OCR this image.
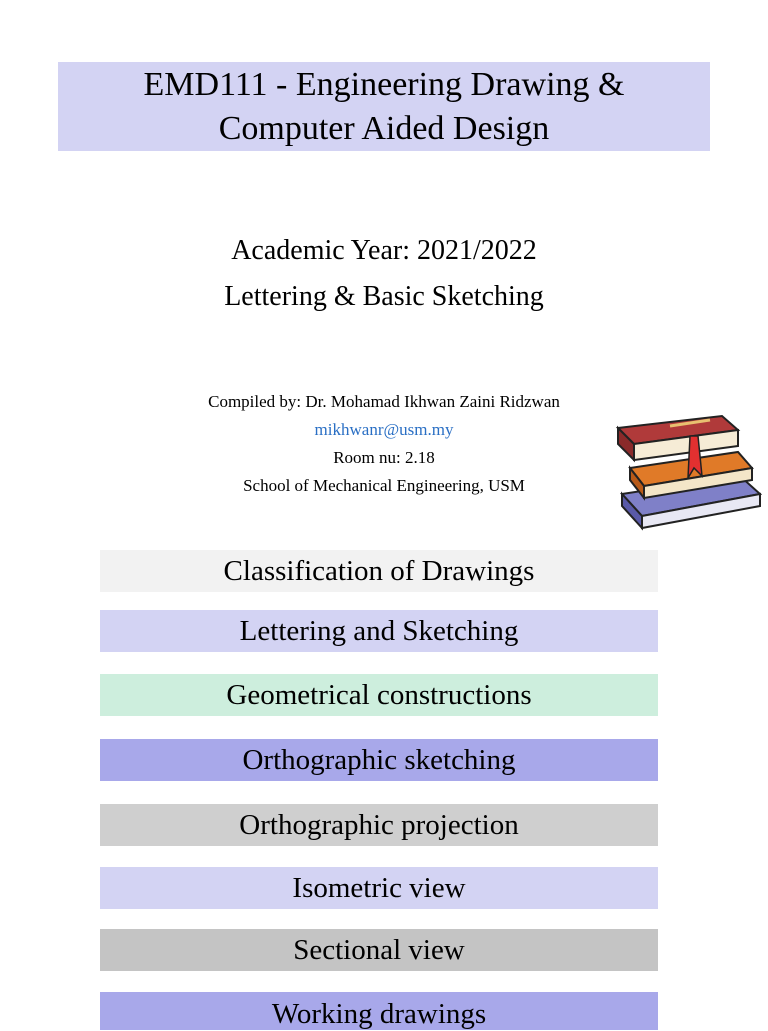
EMD111 - Engineering Drawing &
Computer Aided Design
Academic Year: 2021/2022
Lettering & Basic Sketching
Compiled by: Dr. Mohamad Ikhwan Zaini Ridzwan
mikhwanr@usm.my
Room nu: 2.18
School of Mechanical Engineering, USM
Classification of Drawings
Lettering and Sketching
Geometrical constructions
Orthographic sketching
Orthographic projection
Isometric view
Sectional view
Working drawings
